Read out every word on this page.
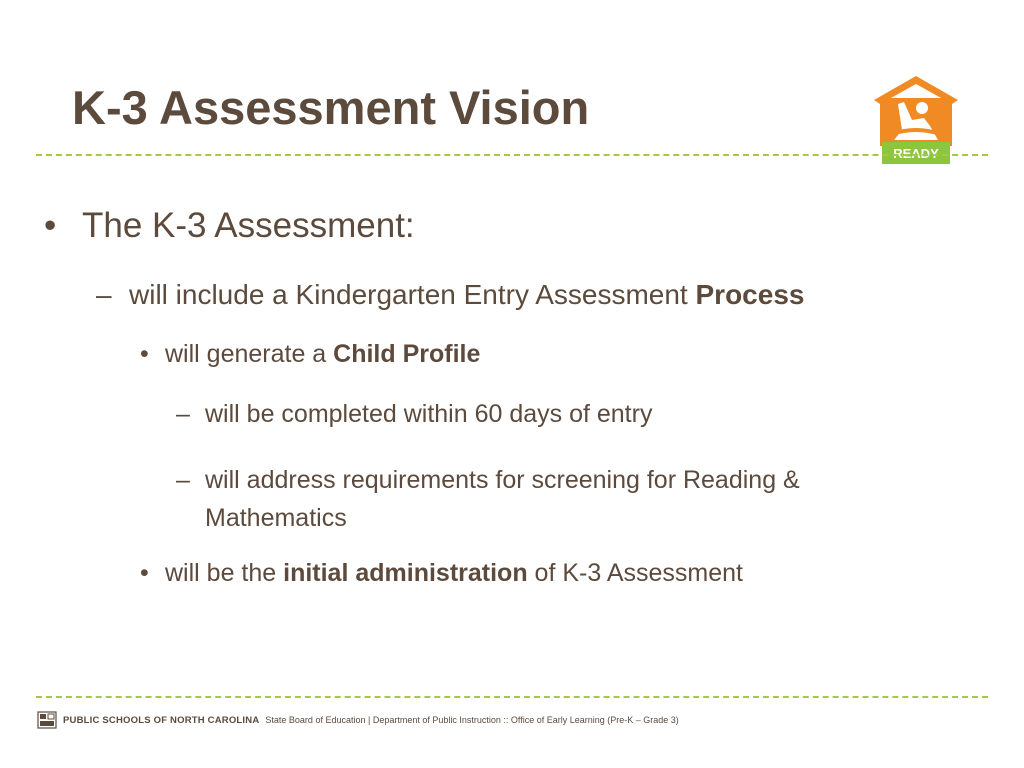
K-3 Assessment Vision
READY
• The K-3 Assessment:
– will include a Kindergarten Entry Assessment Process
• will generate a Child Profile
– will be completed within 60 days of entry
– will address requirements for screening for Reading &
Mathematics
• will be the initial administration of K-3 Assessment
PUBLIC SCHOOLS OF NORTH CAROLINA State Board of Education | Department of Public Instruction :: Office of Early Learning (Pre-K – Grade 3)
